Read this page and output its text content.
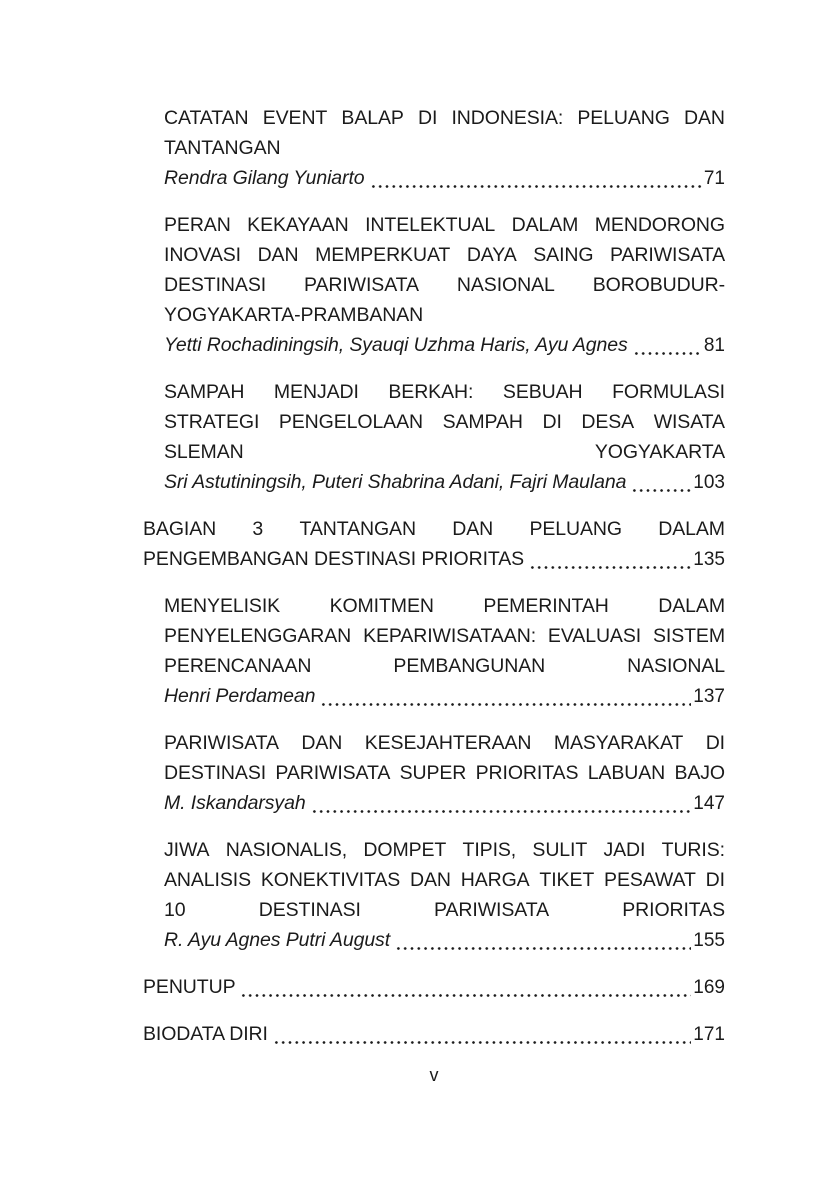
CATATAN EVENT BALAP DI INDONESIA: PELUANG DAN
TANTANGAN
Rendra Gilang Yuniarto	71
PERAN KEKAYAAN INTELEKTUAL DALAM MENDORONG
INOVASI DAN MEMPERKUAT DAYA SAING PARIWISATA
DESTINASI PARIWISATA NASIONAL BOROBUDUR-
YOGYAKARTA-PRAMBANAN
Yetti Rochadiningsih, Syauqi Uzhma Haris, Ayu Agnes	81
SAMPAH MENJADI BERKAH: SEBUAH FORMULASI
STRATEGI PENGELOLAAN SAMPAH DI DESA WISATA
SLEMAN	YOGYAKARTA
Sri Astutiningsih, Puteri Shabrina Adani, Fajri Maulana	103
BAGIAN 3 TANTANGAN DAN PELUANG DALAM
PENGEMBANGAN DESTINASI PRIORITAS	135
MENYELISIK	KOMITMEN	PEMERINTAH	DALAM
PENYELENGGARAN KEPARIWISATAAN: EVALUASI SISTEM
PERENCANAAN	PEMBANGUNAN	NASIONAL
Henri Perdamean	137
PARIWISATA DAN KESEJAHTERAAN MASYARAKAT DI
DESTINASI PARIWISATA SUPER PRIORITAS LABUAN BAJO
M. Iskandarsyah	147
JIWA NASIONALIS, DOMPET TIPIS, SULIT JADI TURIS:
ANALISIS KONEKTIVITAS DAN HARGA TIKET PESAWAT DI
10	DESTINASI	PARIWISATA	PRIORITAS
R. Ayu Agnes Putri August	155
PENUTUP	169
BIODATA DIRI	171
v
